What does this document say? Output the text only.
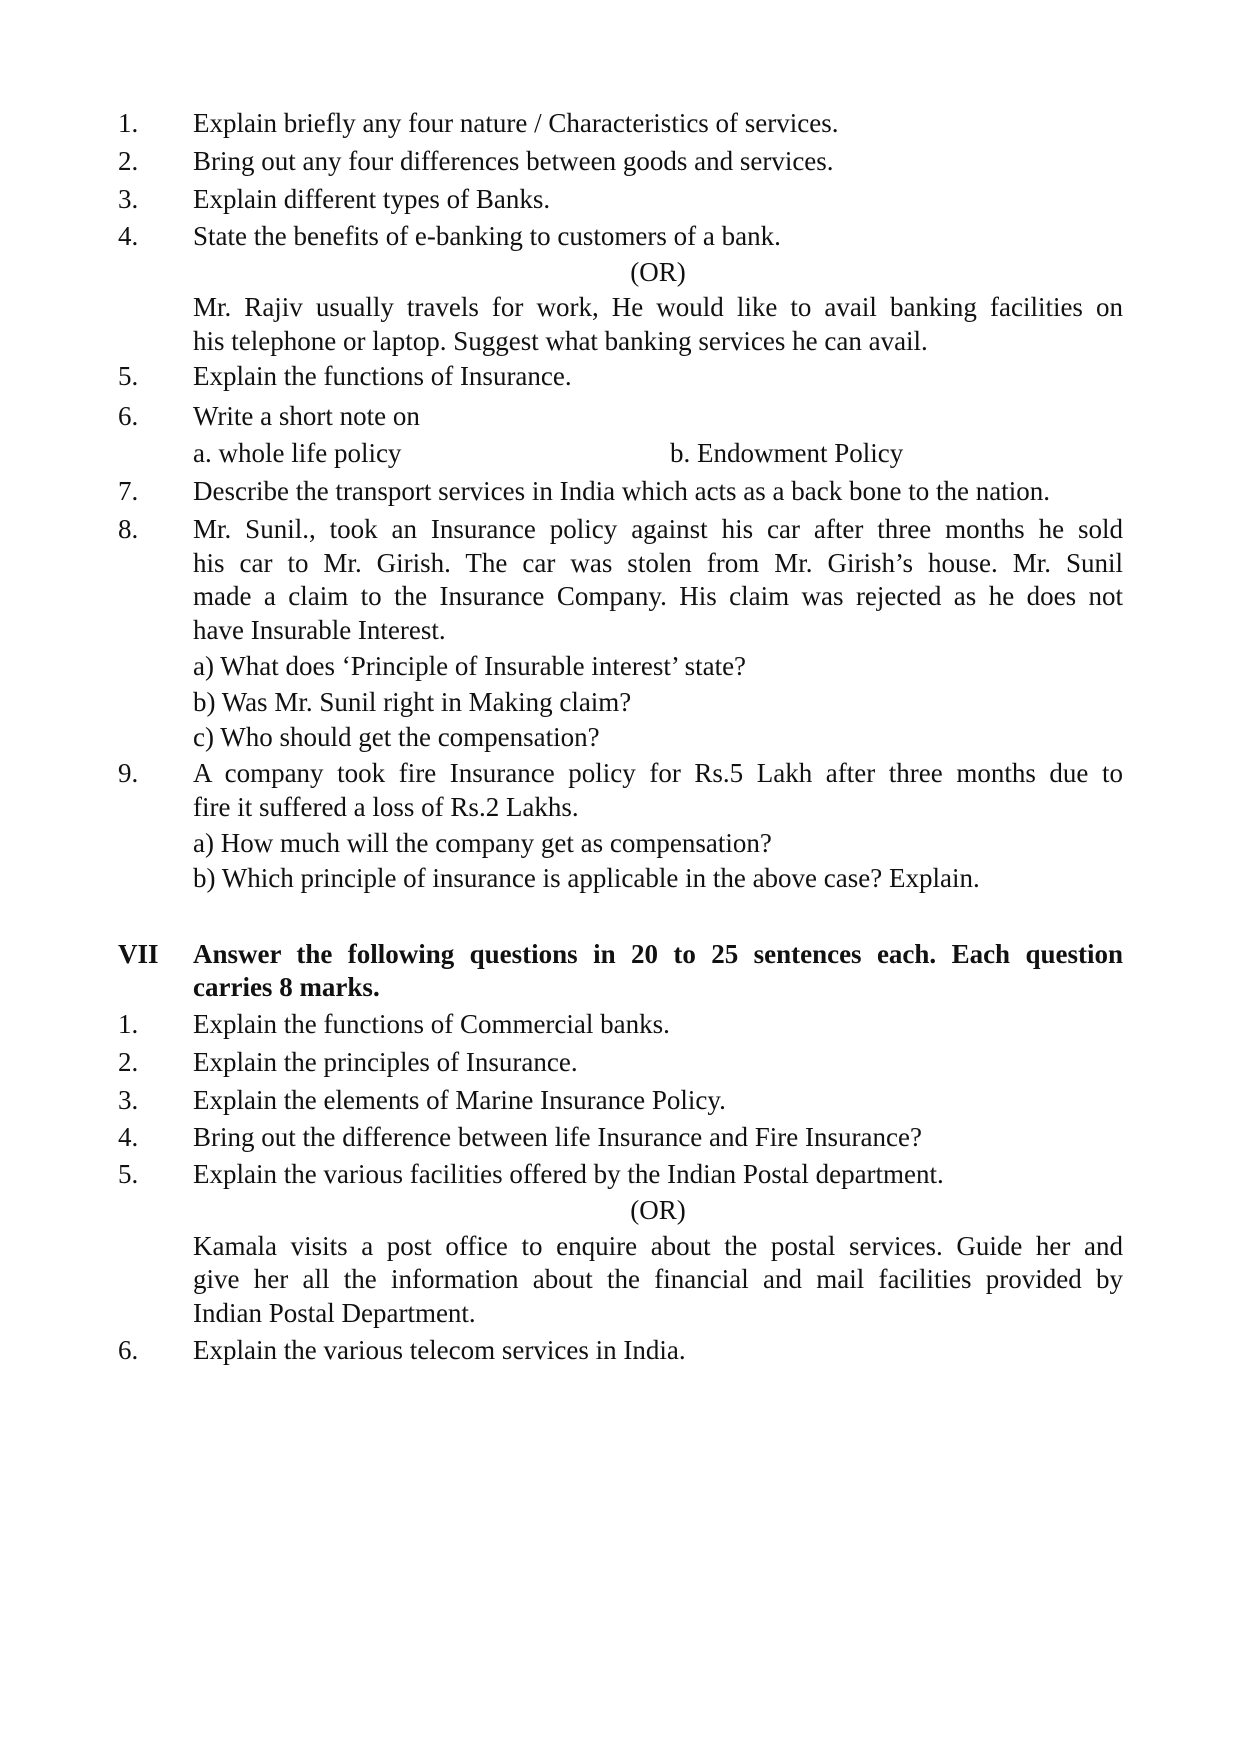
1. Explain briefly any four nature / Characteristics of services.
2. Bring out any four differences between goods and services.
3. Explain different types of Banks.
4. State the benefits of e-banking to customers of a bank.
(OR)
Mr. Rajiv usually travels for work, He would like to avail banking facilities on
his telephone or laptop. Suggest what banking services he can avail.
5. Explain the functions of Insurance.
6. Write a short note on
a. whole life policy	b. Endowment Policy
7. Describe the transport services in India which acts as a back bone to the nation.
8. Mr. Sunil., took an Insurance policy against his car after three months he sold
his car to Mr. Girish. The car was stolen from Mr. Girish’s house. Mr. Sunil
made a claim to the Insurance Company. His claim was rejected as he does not
have Insurable Interest.
a) What does ‘Principle of Insurable interest’ state?
b) Was Mr. Sunil right in Making claim?
c) Who should get the compensation?
9. A company took fire Insurance policy for Rs.5 Lakh after three months due to
fire it suffered a loss of Rs.2 Lakhs.
a) How much will the company get as compensation?
b) Which principle of insurance is applicable in the above case? Explain.
VII Answer the following questions in 20 to 25 sentences each. Each question
carries 8 marks.
1. Explain the functions of Commercial banks.
2. Explain the principles of Insurance.
3. Explain the elements of Marine Insurance Policy.
4. Bring out the difference between life Insurance and Fire Insurance?
5. Explain the various facilities offered by the Indian Postal department.
(OR)
Kamala visits a post office to enquire about the postal services. Guide her and
give her all the information about the financial and mail facilities provided by
Indian Postal Department.
6. Explain the various telecom services in India.
